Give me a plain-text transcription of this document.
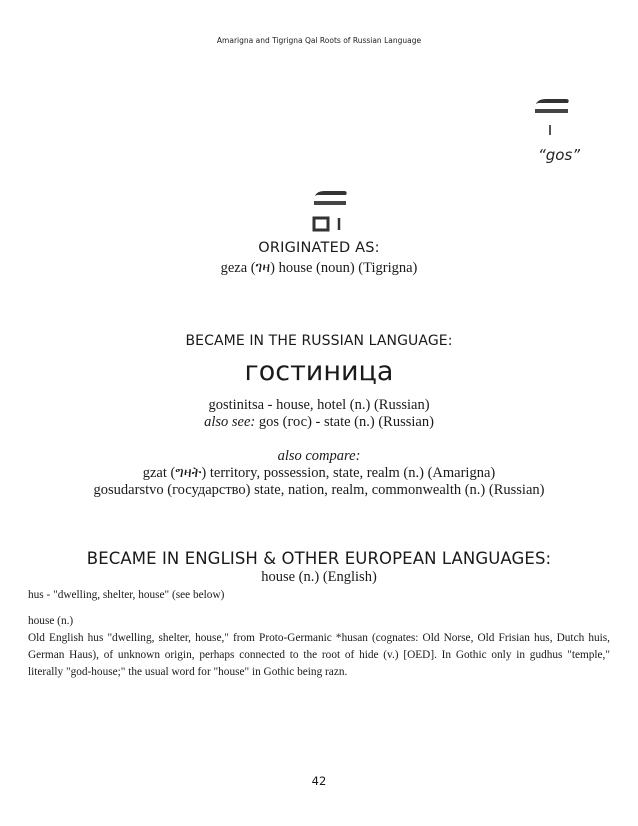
Amarigna and Tigrigna Qal Roots of Russian Language
“gos”
ORIGINATED AS:
geza (ገዛ) house (noun) (Tigrigna)
BECAME IN THE RUSSIAN LANGUAGE:
гостиница
gostinitsa - house, hotel (n.) (Russian)
also see: gos (гос) - state (n.) (Russian)
also compare:
gzat (ግዛት) territory, possession, state, realm (n.) (Amarigna)
gosudarstvo (государство) state, nation, realm, commonwealth (n.) (Russian)
BECAME IN ENGLISH & OTHER EUROPEAN LANGUAGES:
house (n.) (English)
hus - "dwelling, shelter, house" (see below)
house (n.)
Old English hus "dwelling, shelter, house," from Proto-Germanic *husan (cognates: Old Norse, Old Frisian hus, Dutch huis, German Haus), of unknown origin, perhaps connected to the root of hide (v.) [OED]. In Gothic only in gudhus "temple," literally "god-house;" the usual word for "house" in Gothic being razn.
42
